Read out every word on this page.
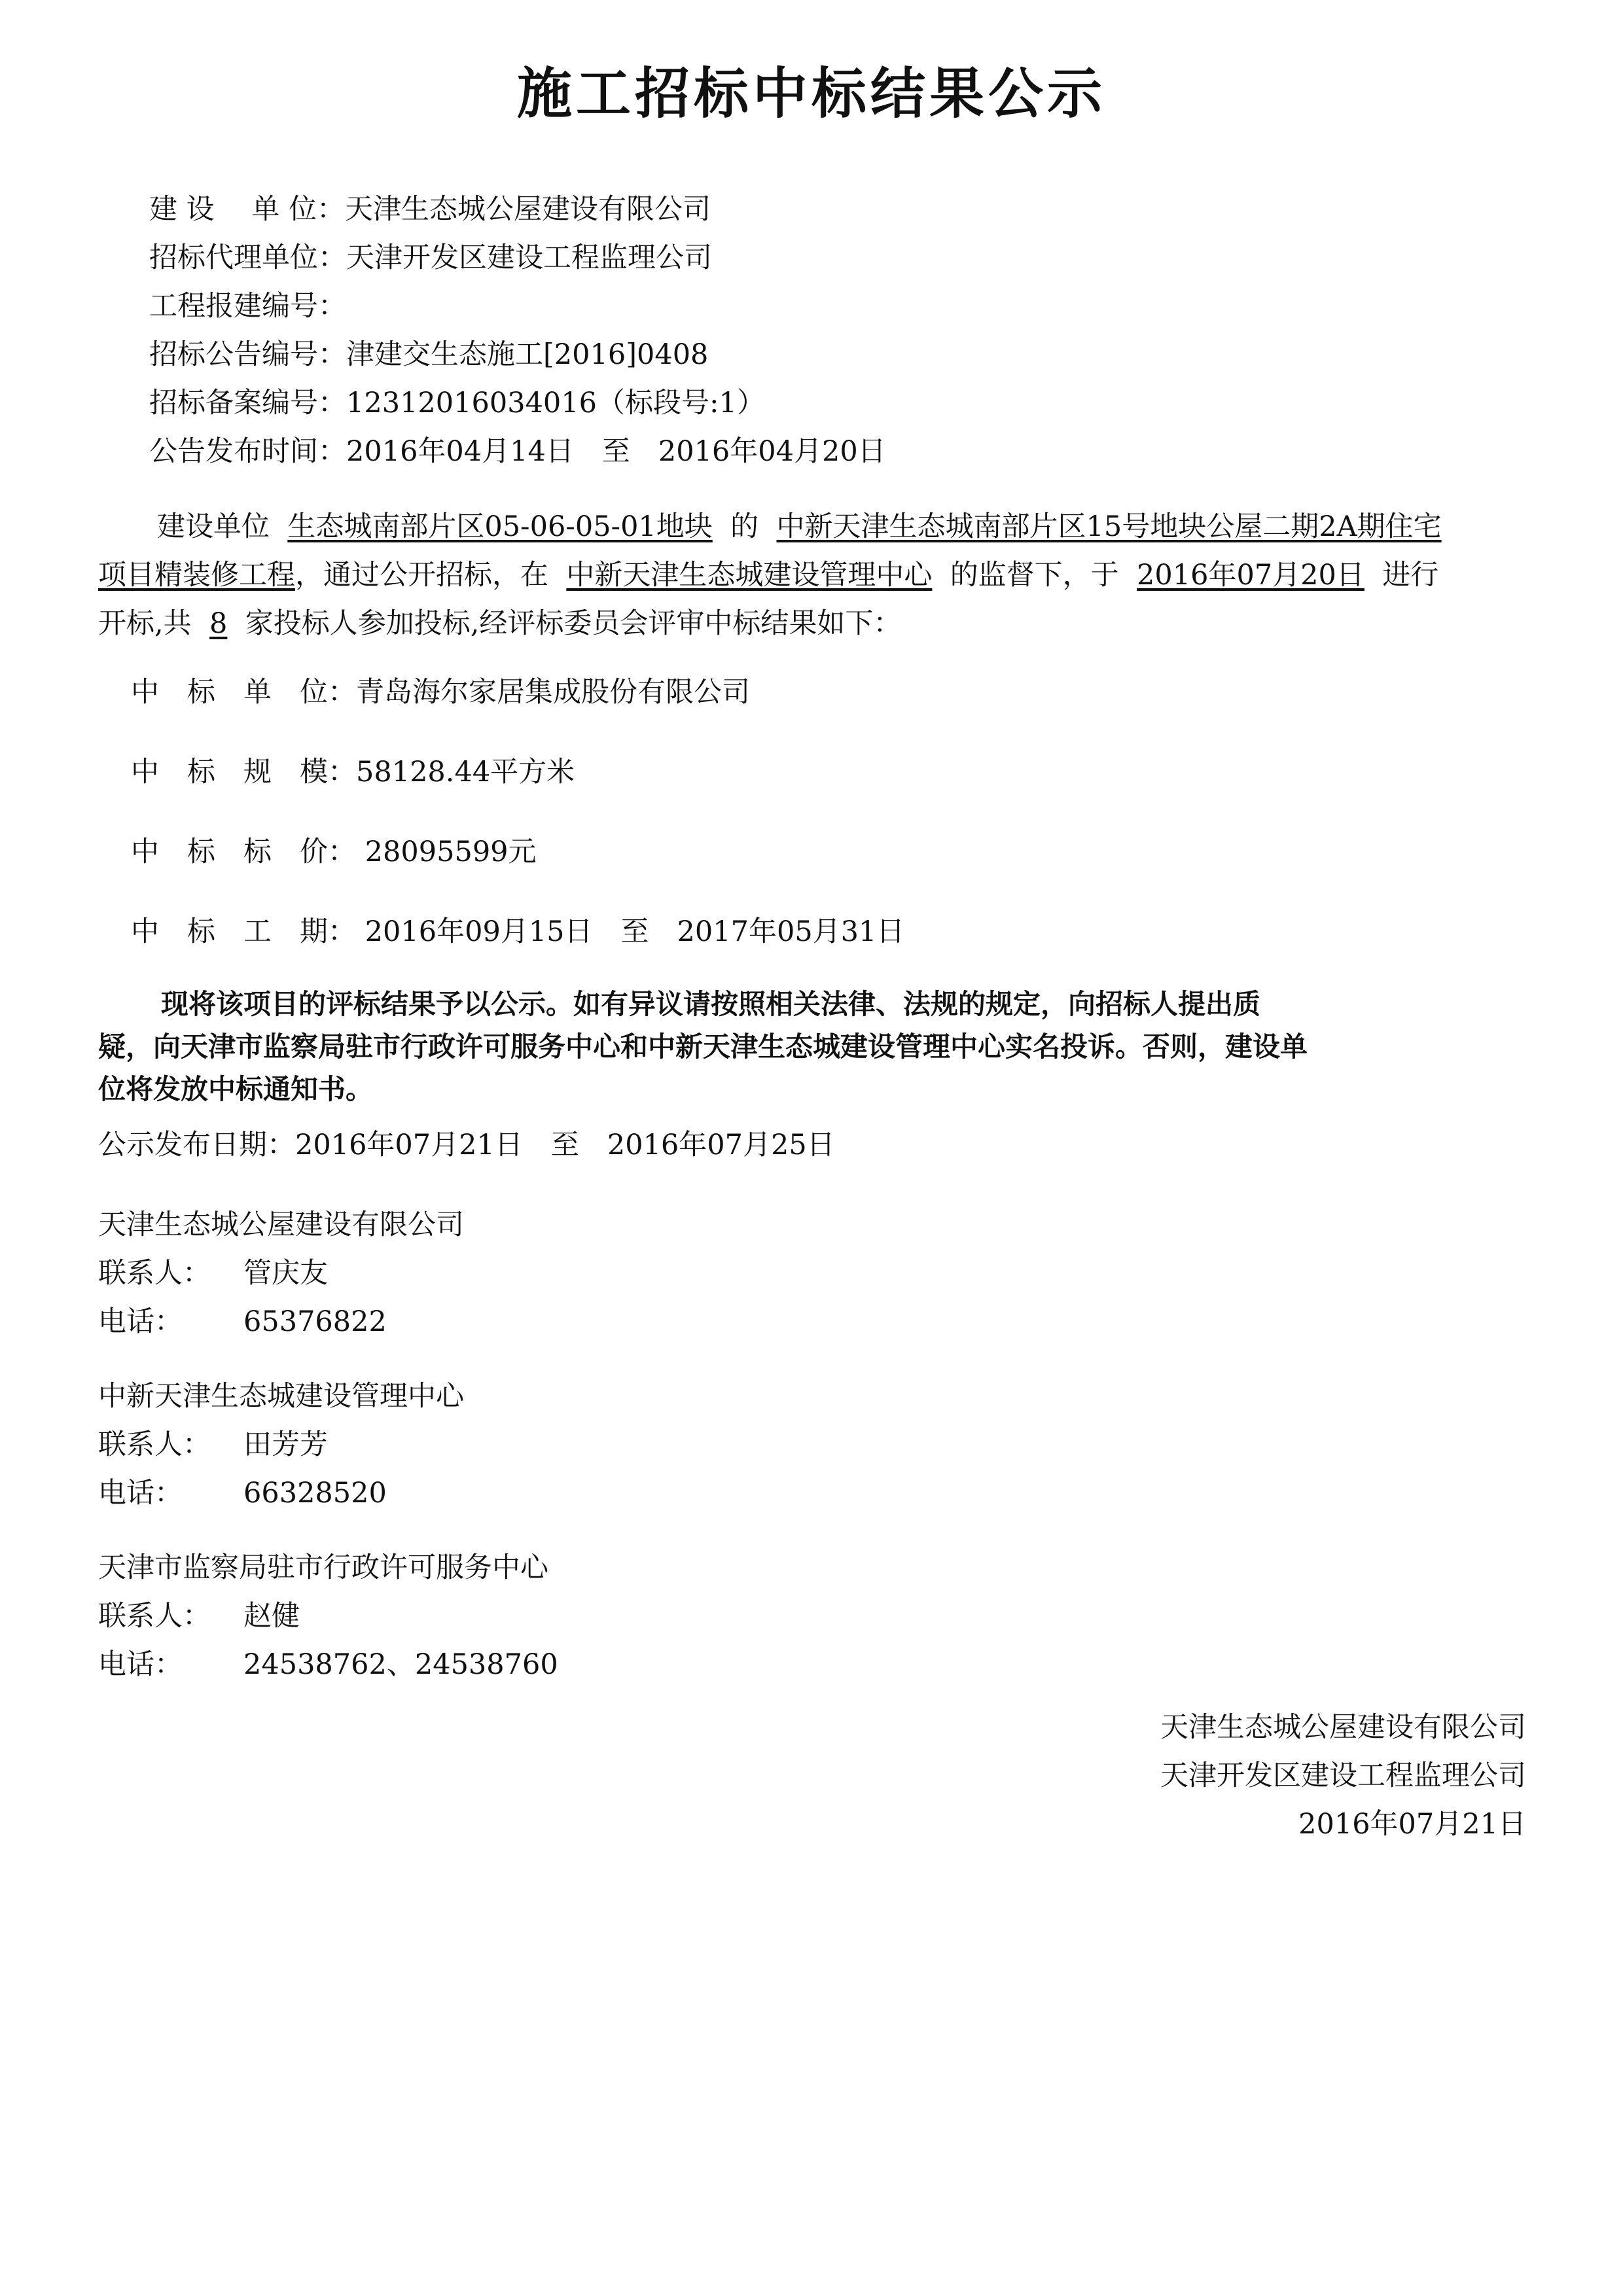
施工招标中标结果公示
建 设　 单 位：天津生态城公屋建设有限公司
招标代理单位：天津开发区建设工程监理公司
工程报建编号：
招标公告编号：津建交生态施工[2016]0408
招标备案编号：12312016034016（标段号:1）
公告发布时间：2016年04月14日　至　2016年04月20日
建设单位 生态城南部片区05-06-05-01地块 的 中新天津生态城南部片区15号地块公屋二期2A期住宅
项目精装修工程，通过公开招标，在 中新天津生态城建设管理中心 的监督下，于 2016年07月20日 进行
开标,共 8 家投标人参加投标,经评标委员会评审中标结果如下：
中　标　单　位：青岛海尔家居集成股份有限公司
中　标　规　模：58128.44平方米
中　标　标　价： 28095599元
中　标　工　期： 2016年09月15日　至　2017年05月31日
现将该项目的评标结果予以公示。如有异议请按照相关法律、法规的规定，向招标人提出质
疑，向天津市监察局驻市行政许可服务中心和中新天津生态城建设管理中心实名投诉。否则，建设单
位将发放中标通知书。
公示发布日期：2016年07月21日　至　2016年07月25日
天津生态城公屋建设有限公司
联系人： 管庆友
电话： 65376822
中新天津生态城建设管理中心
联系人： 田芳芳
电话： 66328520
天津市监察局驻市行政许可服务中心
联系人： 赵健
电话： 24538762、24538760
天津生态城公屋建设有限公司
天津开发区建设工程监理公司
2016年07月21日
